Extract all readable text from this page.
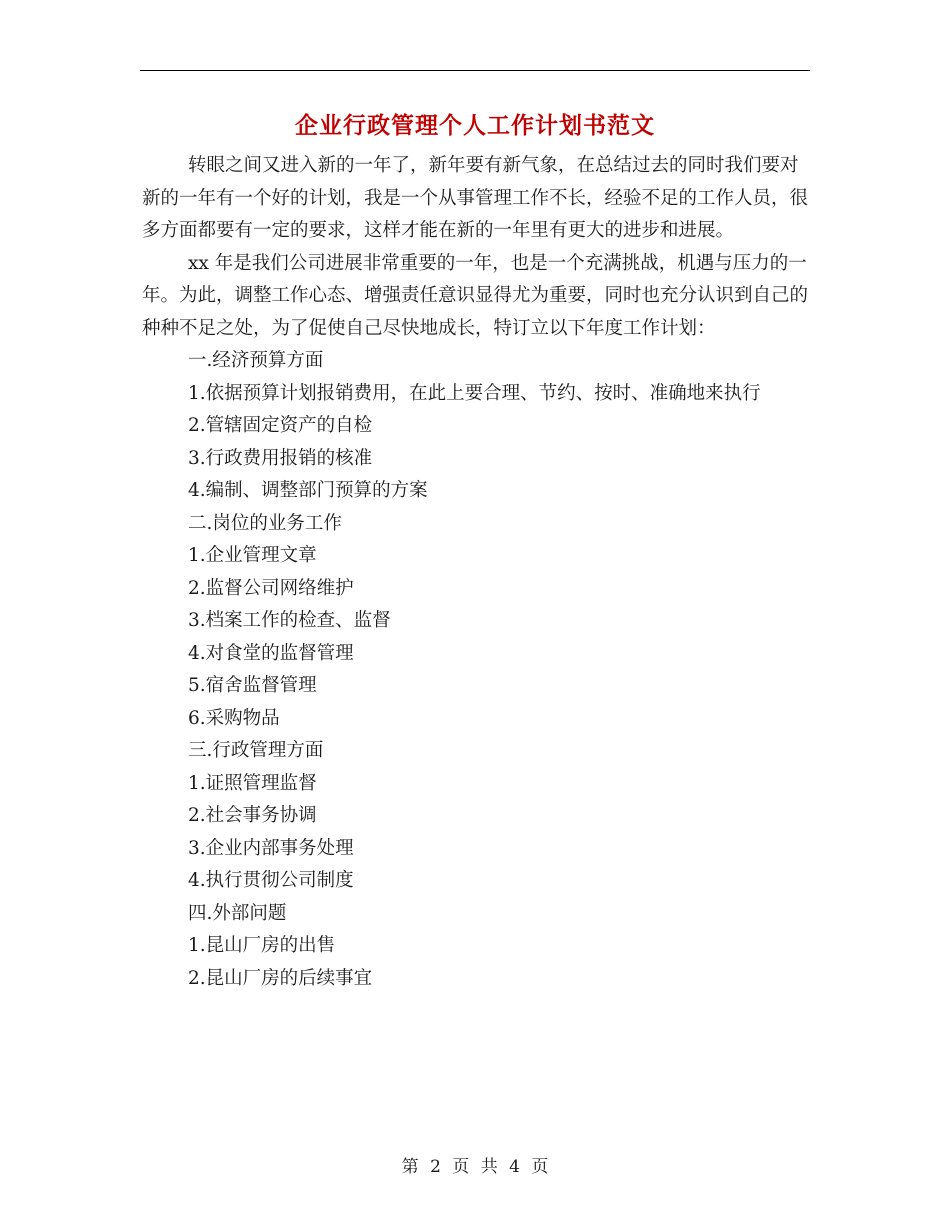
企业行政管理个人工作计划书范文

转眼之间又进入新的一年了，新年要有新气象，在总结过去的同时我们要对新的一年有一个好的计划，我是一个从事管理工作不长，经验不足的工作人员，很多方面都要有一定的要求，这样才能在新的一年里有更大的进步和进展。

xx 年是我们公司进展非常重要的一年，也是一个充满挑战，机遇与压力的一年。为此，调整工作心态、增强责任意识显得尤为重要，同时也充分认识到自己的种种不足之处，为了促使自己尽快地成长，特订立以下年度工作计划：

一.经济预算方面

1.依据预算计划报销费用，在此上要合理、节约、按时、准确地来执行

2.管辖固定资产的自检

3.行政费用报销的核准

4.编制、调整部门预算的方案

二.岗位的业务工作

1.企业管理文章

2.监督公司网络维护

3.档案工作的检查、监督

4.对食堂的监督管理

5.宿舍监督管理

6.采购物品

三.行政管理方面

1.证照管理监督

2.社会事务协调

3.企业内部事务处理

4.执行贯彻公司制度

四.外部问题

1.昆山厂房的出售

2.昆山厂房的后续事宜

第 2 页 共 4 页
